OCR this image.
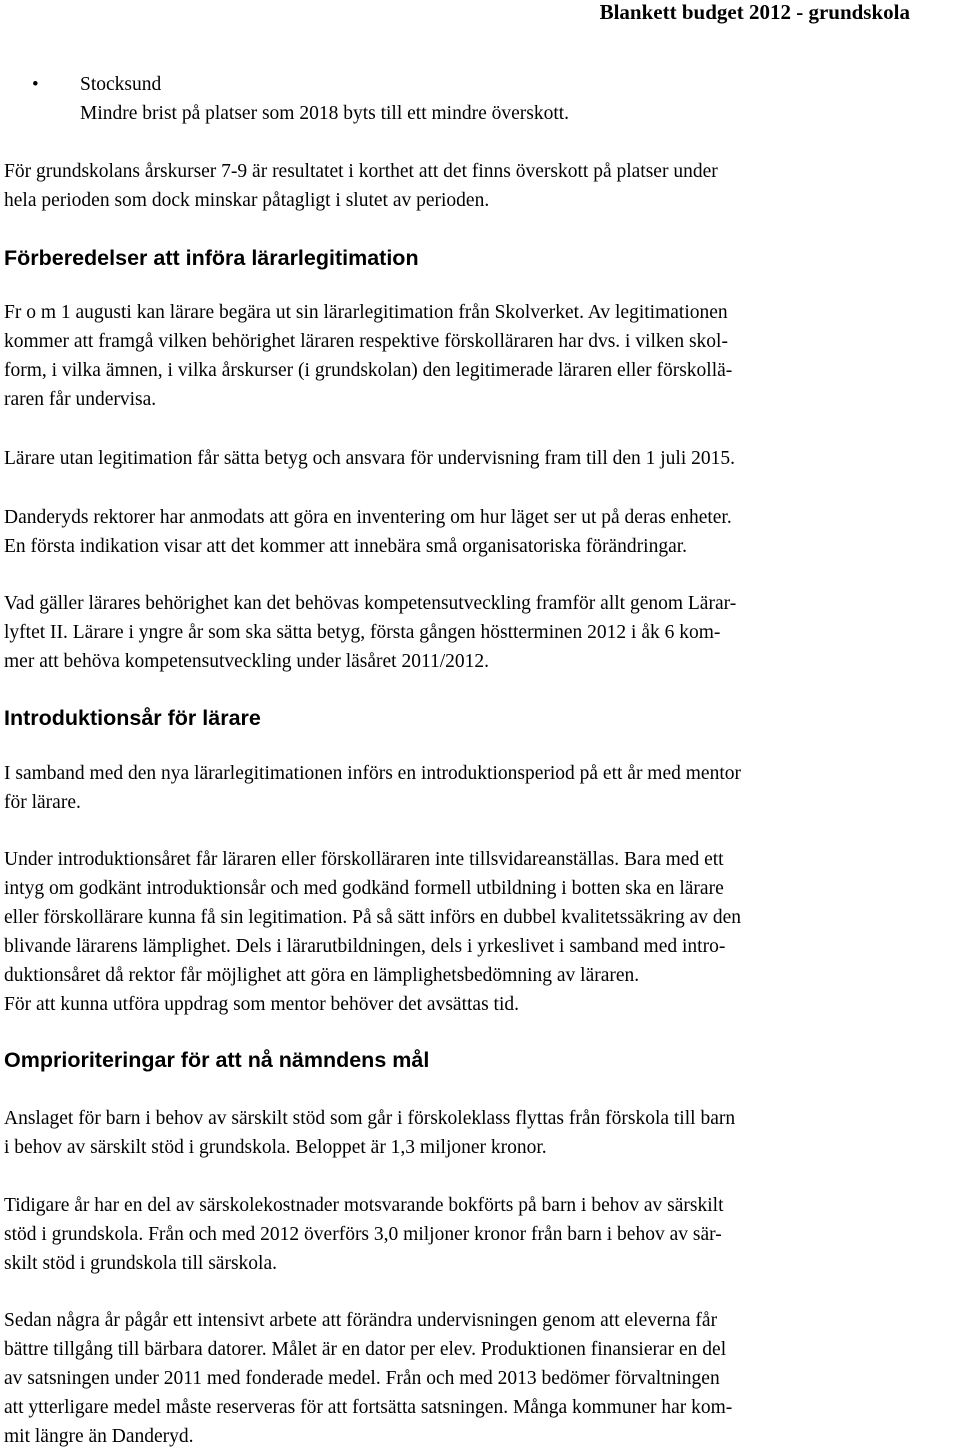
Blankett budget 2012 - grundskola
• Stocksund
Mindre brist på platser som 2018 byts till ett mindre överskott.
För grundskolans årskurser 7-9 är resultatet i korthet att det finns överskott på platser under
hela perioden som dock minskar påtagligt i slutet av perioden.
Förberedelser att införa lärarlegitimation
Fr o m 1 augusti kan lärare begära ut sin lärarlegitimation från Skolverket. Av legitimationen
kommer att framgå vilken behörighet läraren respektive förskolläraren har dvs. i vilken skol-
form, i vilka ämnen, i vilka årskurser (i grundskolan) den legitimerade läraren eller förskollä-
raren får undervisa.
Lärare utan legitimation får sätta betyg och ansvara för undervisning fram till den 1 juli 2015.
Danderyds rektorer har anmodats att göra en inventering om hur läget ser ut på deras enheter.
En första indikation visar att det kommer att innebära små organisatoriska förändringar.
Vad gäller lärares behörighet kan det behövas kompetensutveckling framför allt genom Lärar-
lyftet II. Lärare i yngre år som ska sätta betyg, första gången höstterminen 2012 i åk 6 kom-
mer att behöva kompetensutveckling under läsåret 2011/2012.
Introduktionsår för lärare
I samband med den nya lärarlegitimationen införs en introduktionsperiod på ett år med mentor
för lärare.
Under introduktionsåret får läraren eller förskolläraren inte tillsvidareanställas. Bara med ett
intyg om godkänt introduktionsår och med godkänd formell utbildning i botten ska en lärare
eller förskollärare kunna få sin legitimation. På så sätt införs en dubbel kvalitetssäkring av den
blivande lärarens lämplighet. Dels i lärarutbildningen, dels i yrkeslivet i samband med intro-
duktionsåret då rektor får möjlighet att göra en lämplighetsbedömning av läraren.
För att kunna utföra uppdrag som mentor behöver det avsättas tid.
Omprioriteringar för att nå nämndens mål
Anslaget för barn i behov av särskilt stöd som går i förskoleklass flyttas från förskola till barn
i behov av särskilt stöd i grundskola. Beloppet är 1,3 miljoner kronor.
Tidigare år har en del av särskolekostnader motsvarande bokförts på barn i behov av särskilt
stöd i grundskola. Från och med 2012 överförs 3,0 miljoner kronor från barn i behov av sär-
skilt stöd i grundskola till särskola.
Sedan några år pågår ett intensivt arbete att förändra undervisningen genom att eleverna får
bättre tillgång till bärbara datorer. Målet är en dator per elev. Produktionen finansierar en del
av satsningen under 2011 med fonderade medel. Från och med 2013 bedömer förvaltningen
att ytterligare medel måste reserveras för att fortsätta satsningen. Många kommuner har kom-
mit längre än Danderyd.
